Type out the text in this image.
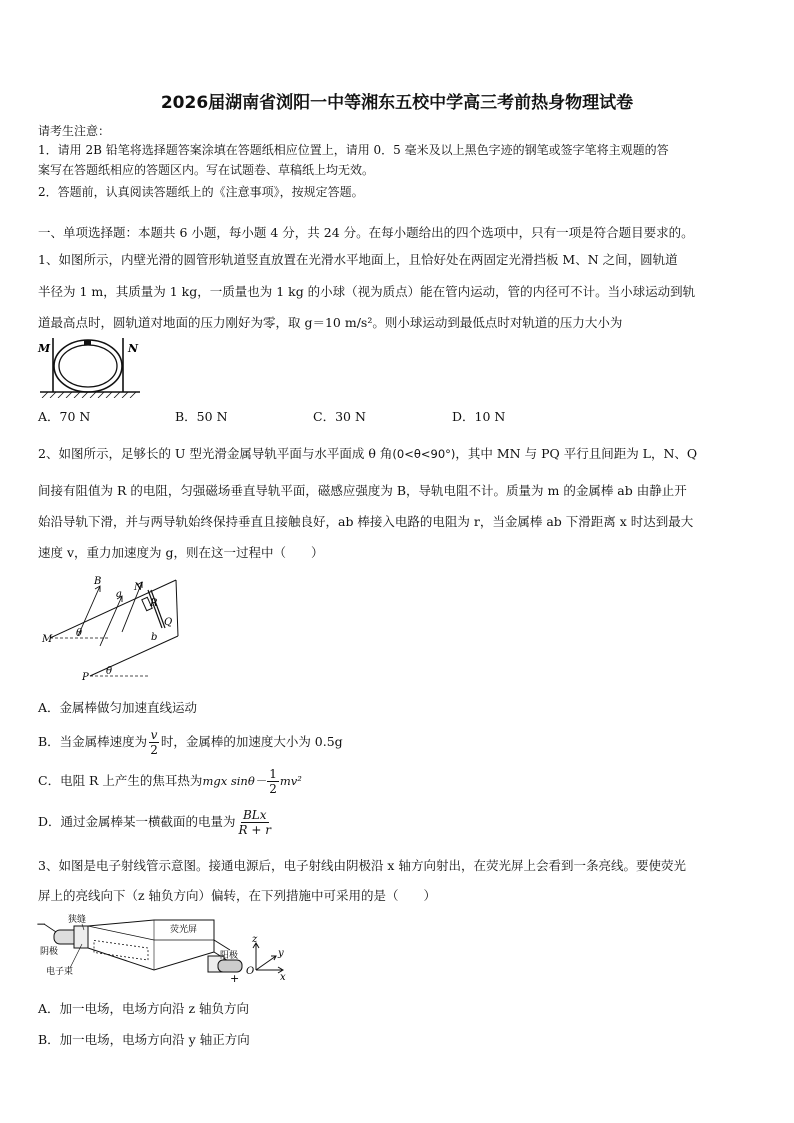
2026届湖南省浏阳一中等湘东五校中学高三考前热身物理试卷
请考生注意：
1．请用 2B 铅笔将选择题答案涂填在答题纸相应位置上，请用 0．5 毫米及以上黑色字迹的钢笔或签字笔将主观题的答
案写在答题纸相应的答题区内。写在试题卷、草稿纸上均无效。
2．答题前，认真阅读答题纸上的《注意事项》，按规定答题。
一、单项选择题：本题共 6 小题，每小题 4 分，共 24 分。在每小题给出的四个选项中，只有一项是符合题目要求的。
1、如图所示，内壁光滑的圆管形轨道竖直放置在光滑水平地面上，且恰好处在两固定光滑挡板 M、N 之间，圆轨道
半径为 1 m，其质量为 1 kg，一质量也为 1 kg 的小球（视为质点）能在管内运动，管的内径可不计。当小球运动到轨
道最高点时，圆轨道对地面的压力刚好为零，取 g＝10 m/s²。则小球运动到最低点时对轨道的压力大小为
M	N
A．70 N	B．50 N	C．30 N	D．10 N
2、如图所示，足够长的 U 型光滑金属导轨平面与水平面成 θ 角(0<θ<90°)，其中 MN 与 PQ 平行且间距为 L，N、Q
间接有阻值为 R 的电阻，匀强磁场垂直导轨平面，磁感应强度为 B，导轨电阻不计。质量为 m 的金属棒 ab 由静止开
始沿导轨下滑，并与两导轨始终保持垂直且接触良好，ab 棒接入电路的电阻为 r，当金属棒 ab 下滑距离 x 时达到最大
速度 v，重力加速度为 g，则在这一过程中（　　）
B
a
N
R
Q
b
M
θ
P
θ
A．金属棒做匀加速直线运动
B．当金属棒速度为 $\frac{v}{2}$ 时，金属棒的加速度大小为 0.5g
C．电阻 R 上产生的焦耳热为mgx $\sin\theta- \frac{1}{2} mv^2$
D．通过金属棒某一横截面的电量为 $\frac{\text{BLx}}{R + r}$
3、如图是电子射线管示意图。接通电源后，电子射线由阴极沿 x 轴方向射出，在荧光屏上会看到一条亮线。要使荧光
屏上的亮线向下（z 轴负方向）偏转，在下列措施中可采用的是（　　）
−
+
狭缝
荧光屏
阴极
电子束
阳极
z
y
O
x
A．加一电场，电场方向沿 z 轴负方向
B．加一电场，电场方向沿 y 轴正方向
